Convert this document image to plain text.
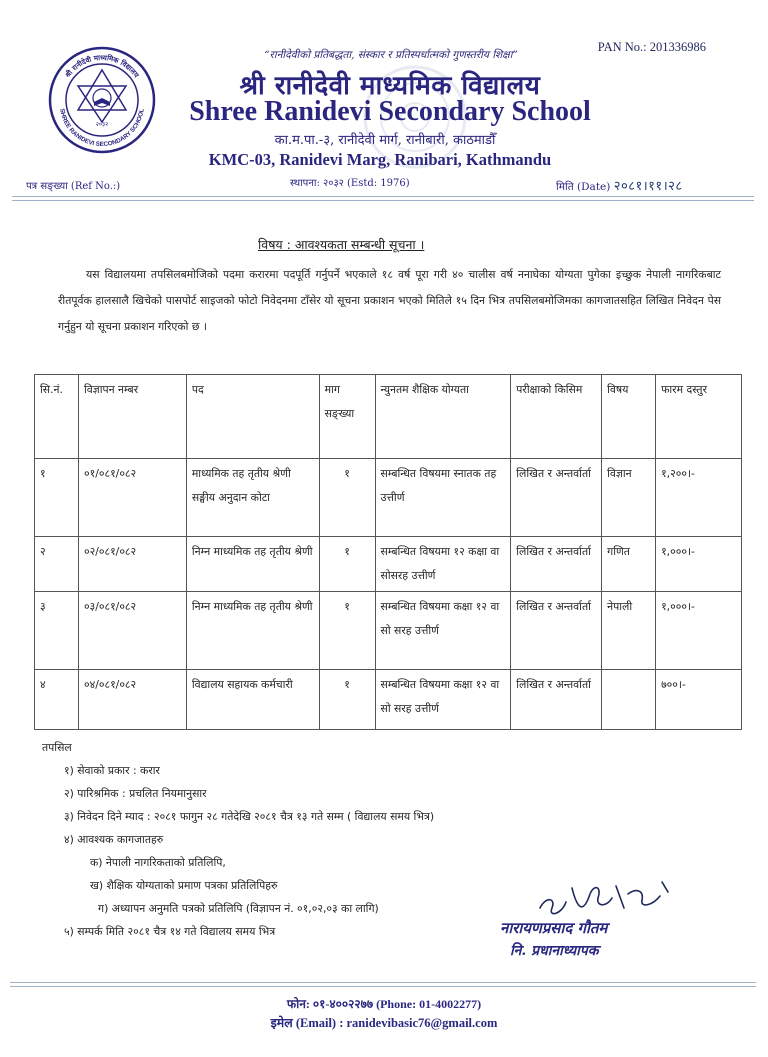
PAN No.: 201336986
श्री रानीदेवी माध्यमिक विद्यालय
SHREE RANIDEVI SECONDARY SCHOOL
२०३२
“रानीदेवीको प्रतिबद्धता, संस्कार र प्रतिस्पर्धात्मको गुणस्तरीय शिक्षा”
श्री रानीदेवी माध्यमिक विद्यालय
Shree Ranidevi Secondary School
का.म.पा.-३, रानीदेवी मार्ग, रानीबारी, काठमाडौँ
KMC-03, Ranidevi Marg, Ranibari, Kathmandu
स्थापना: २०३२ (Estd: 1976)
पत्र सङ्ख्या (Ref No.:)	मिति (Date) २०८१।११।२८
विषय : आवश्यकता सम्बन्धी सूचना ।
यस विद्यालयमा तपसिलबमोजिको पदमा करारमा पदपूर्ति गर्नुपर्ने भएकाले १८ वर्ष पूरा गरी ४० चालीस वर्ष ननाघेका योग्यता पुगेका इच्छुक नेपाली नागरिकबाट रीतपूर्वक हालसालै खिचेको पासपोर्ट साइजको फोटो निवेदनमा टाँसेर यो सूचना प्रकाशन भएको मितिले १५ दिन भित्र तपसिलबमोजिमका कागजातसहित लिखित निवेदन पेस गर्नुहुन यो सूचना प्रकाशन गरिएको छ ।
सि.नं.	विज्ञापन नम्बर	पद	माग सङ्ख्या	न्युनतम शैक्षिक योग्यता	परीक्षाको किसिम	विषय	फारम दस्तुर
१	०१/०८१/०८२	माध्यमिक तह तृतीय श्रेणी सङ्घीय अनुदान कोटा	१	सम्बन्धित विषयमा स्नातक तह उत्तीर्ण	लिखित र अन्तर्वार्ता	विज्ञान	१,२००।-
२	०२/०८१/०८२	निम्न माध्यमिक तह तृतीय श्रेणी	१	सम्बन्धित विषयमा १२ कक्षा वा सोसरह उत्तीर्ण	लिखित र अन्तर्वार्ता	गणित	१,०००।-
३	०३/०८१/०८२	निम्न माध्यमिक तह तृतीय श्रेणी	१	सम्बन्धित विषयमा कक्षा १२ वा सो सरह उत्तीर्ण	लिखित र अन्तर्वार्ता	नेपाली	१,०००।-
४	०४/०८१/०८२	विद्यालय सहायक कर्मचारी	१	सम्बन्धित विषयमा कक्षा १२ वा सो सरह उत्तीर्ण	लिखित र अन्तर्वार्ता		७००।-
तपसिल
१) सेवाको प्रकार : करार
२) पारिश्रमिक : प्रचलित नियमानुसार
३) निवेदन दिने म्याद : २०८१ फागुन २८ गतेदेखि २०८१ चैत्र १३ गते सम्म ( विद्यालय समय भित्र)
४) आवश्यक कागजातहरु
क) नेपाली नागरिकताको प्रतिलिपि,
ख) शैक्षिक योग्यताको प्रमाण पत्रका प्रतिलिपिहरु
ग) अध्यापन अनुमति पत्रको प्रतिलिपि (विज्ञापन नं. ०१,०२,०३ का लागि)
५) सम्पर्क मिति २०८१ चैत्र १४ गते विद्यालय समय भित्र	नारायणप्रसाद गौतम
नि. प्रधानाध्यापक
फोन: ०१-४००२२७७ (Phone: 01-4002277)
इमेल (Email) : ranidevibasic76@gmail.com
